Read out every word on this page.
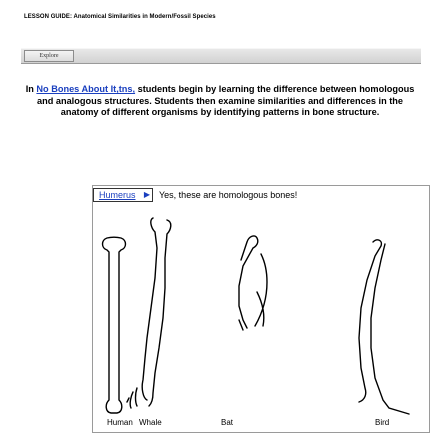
LESSON GUIDE: Anatomical Similarities in Modern/Fossil Species
Explore
In No Bones About It,tns, students begin by learning the difference between homologous and analogous structures. Students then examine similarities and differences in the anatomy of different organisms by identifying patterns in bone structure.
Humerus ▶ Yes, these are homologous bones!
Human Whale	Bat	Bird
